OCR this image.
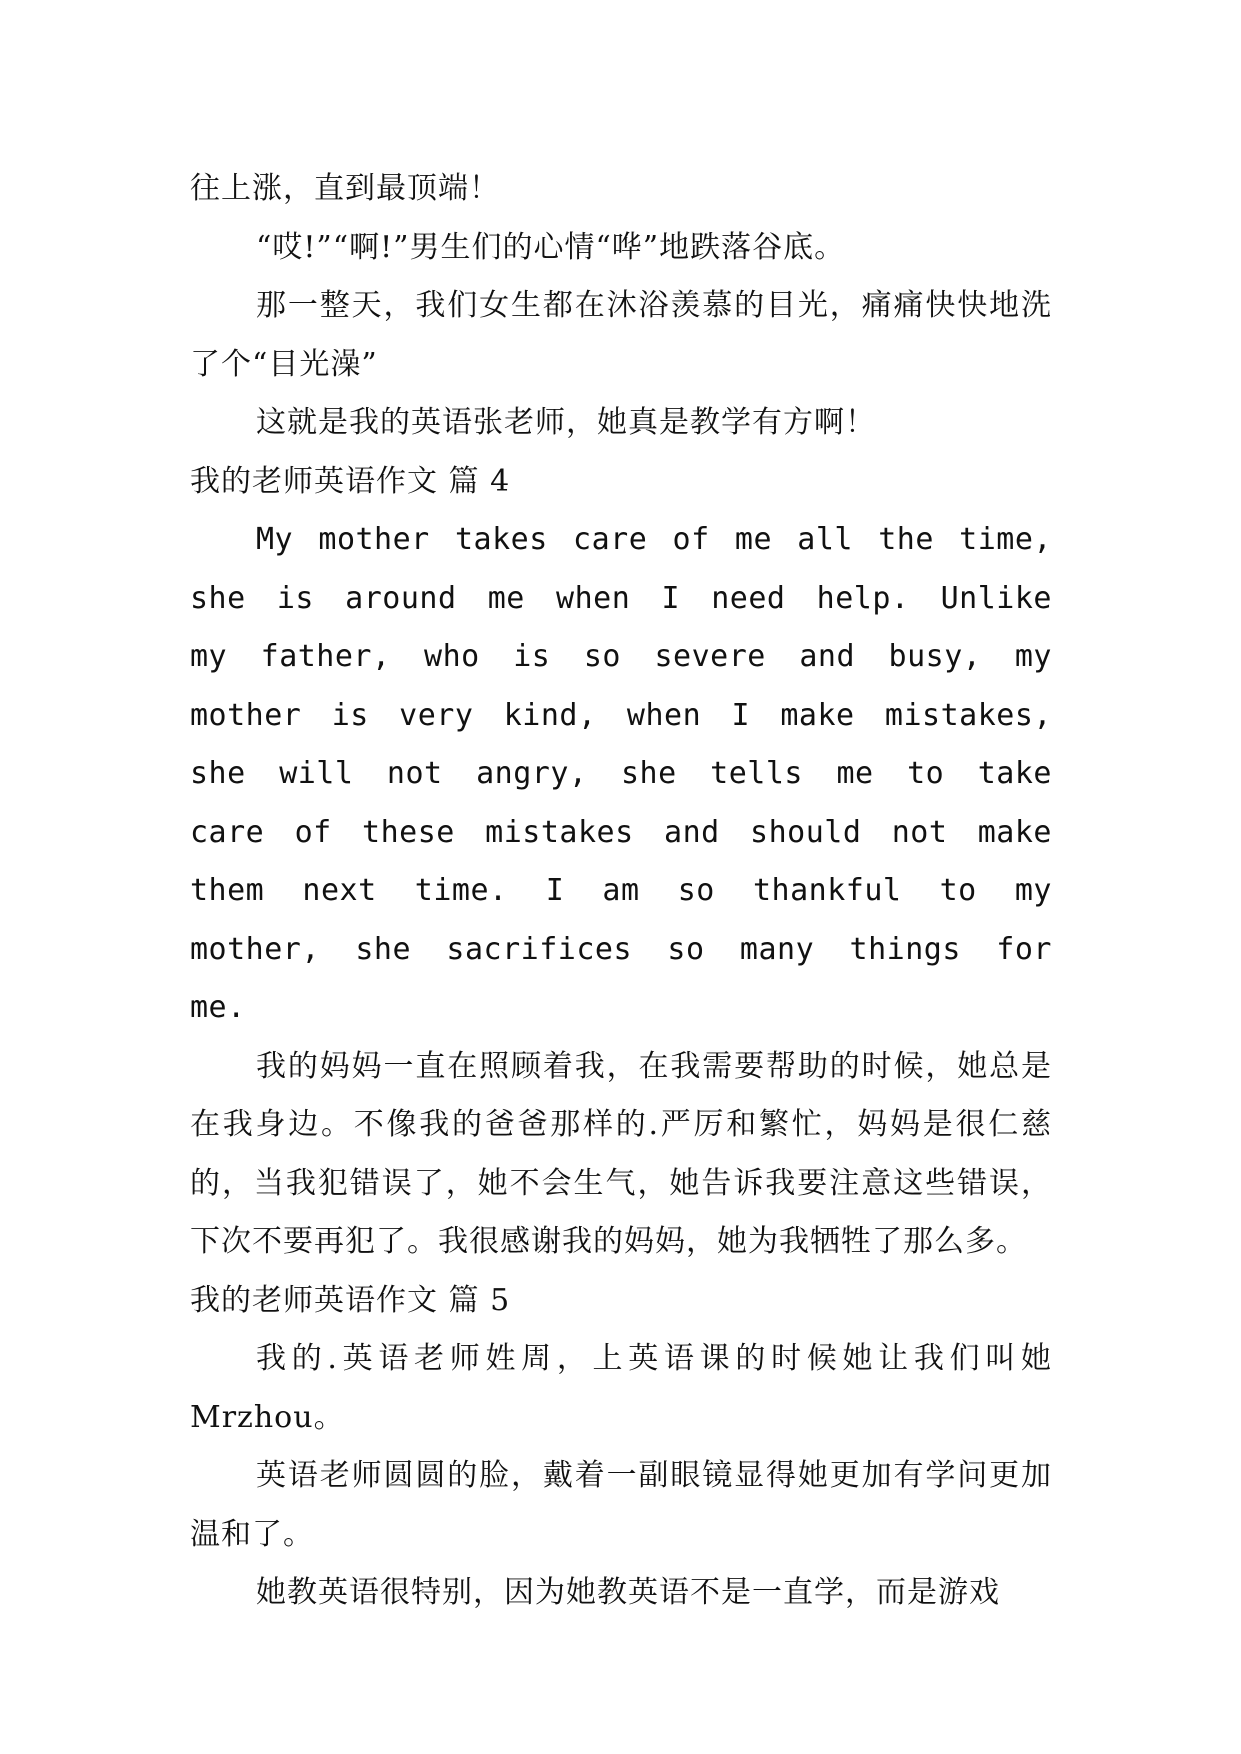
往上涨，直到最顶端！

“哎!”“啊!”男生们的心情“哗”地跌落谷底。

那一整天，我们女生都在沐浴羡慕的目光，痛痛快快地洗了个“目光澡”

这就是我的英语张老师，她真是教学有方啊！

我的老师英语作文 篇 4

My mother takes care of me all the time, she is around me when I need help. Unlike my father, who is so severe and busy, my mother is very kind, when I make mistakes, she will not angry, she tells me to take care of these mistakes and should not make them next time. I am so thankful to my mother, she sacrifices so many things for me.

我的妈妈一直在照顾着我，在我需要帮助的时候，她总是在我身边。不像我的爸爸那样的.严厉和繁忙，妈妈是很仁慈的，当我犯错误了，她不会生气，她告诉我要注意这些错误，下次不要再犯了。我很感谢我的妈妈，她为我牺牲了那么多。

我的老师英语作文 篇 5

我的.英语老师姓周，上英语课的时候她让我们叫她Mrzhou。

英语老师圆圆的脸，戴着一副眼镜显得她更加有学问更加温和了。

她教英语很特别，因为她教英语不是一直学，而是游戏
